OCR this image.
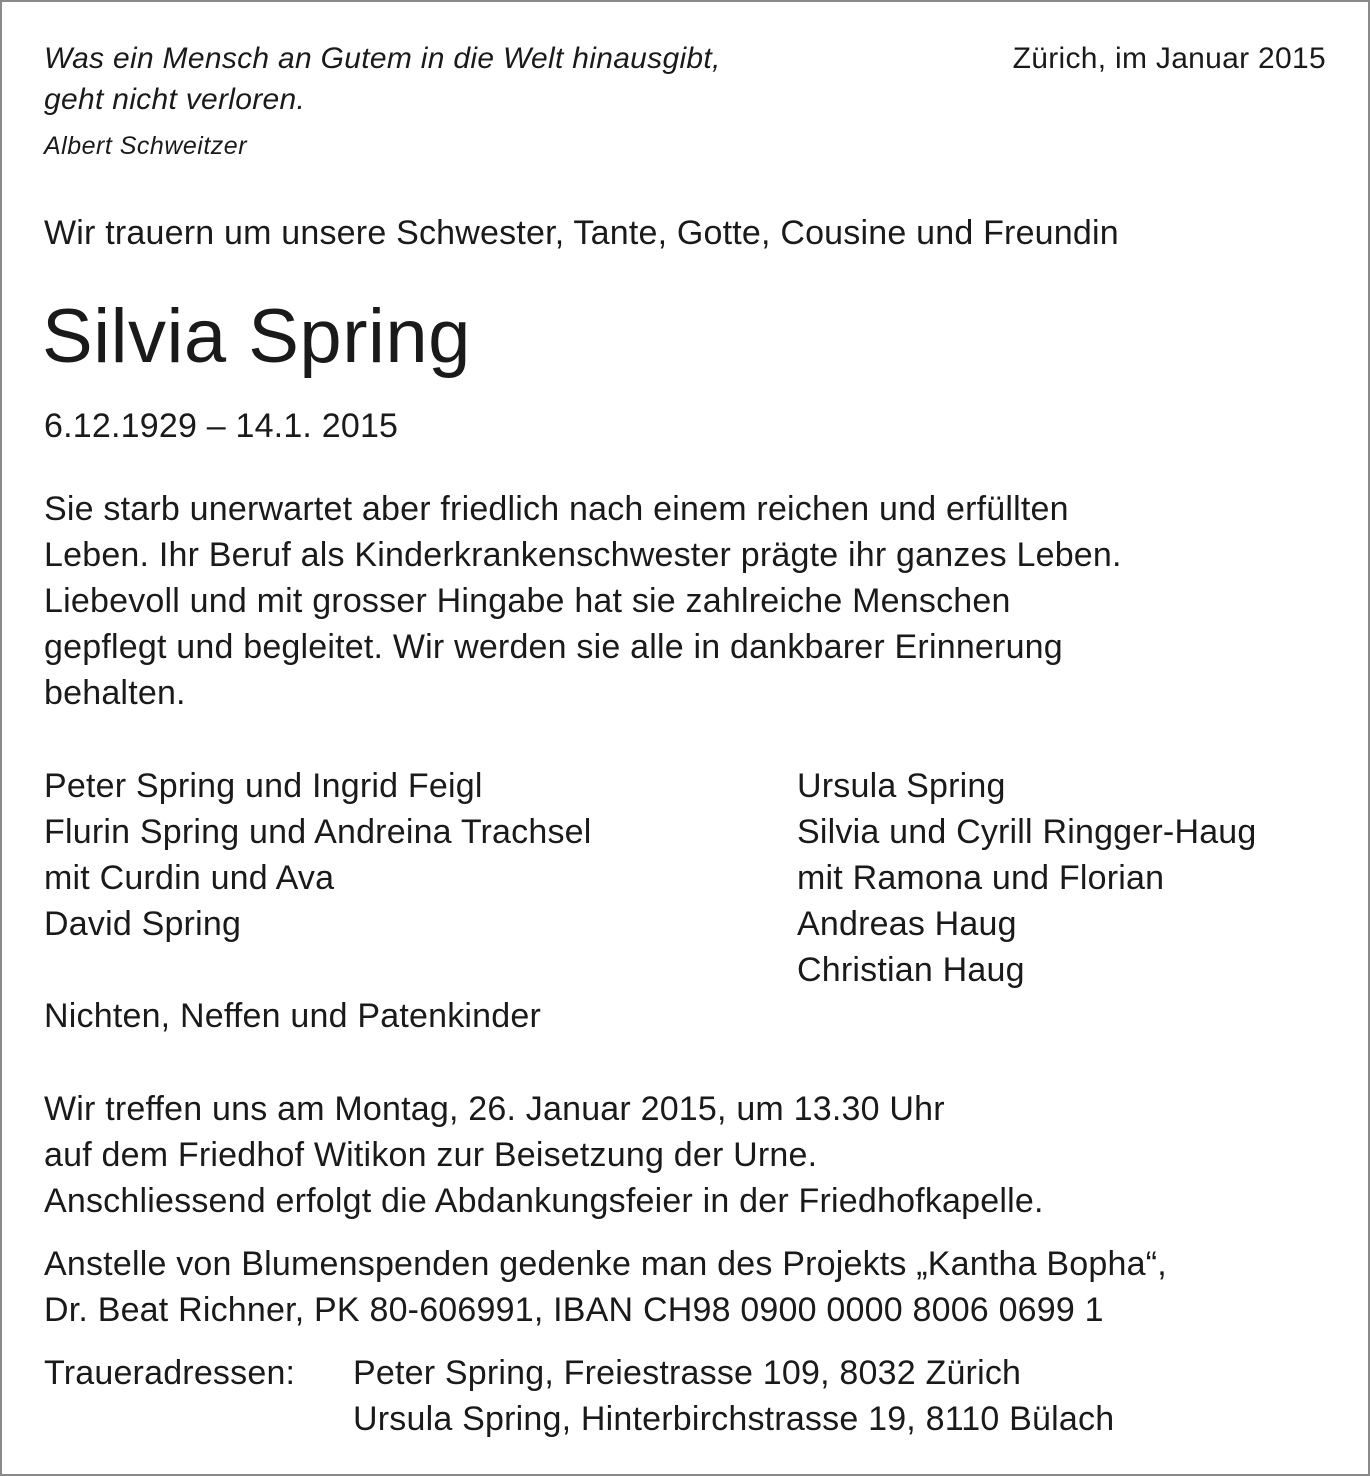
Was ein Mensch an Gutem in die Welt hinausgibt,
geht nicht verloren.
Albert Schweitzer
Zürich, im Januar 2015
Wir trauern um unsere Schwester, Tante, Gotte, Cousine und Freundin
Silvia Spring
6.12.1929 – 14.1. 2015
Sie starb unerwartet aber friedlich nach einem reichen und erfüllten
Leben. Ihr Beruf als Kinderkrankenschwester prägte ihr ganzes Leben.
Liebevoll und mit grosser Hingabe hat sie zahlreiche Menschen
gepflegt und begleitet. Wir werden sie alle in dankbarer Erinnerung
behalten.
Peter Spring und Ingrid Feigl
Flurin Spring und Andreina Trachsel
mit Curdin und Ava
David Spring
Ursula Spring
Silvia und Cyrill Ringger-Haug
mit Ramona und Florian
Andreas Haug
Christian Haug
Nichten, Neffen und Patenkinder
Wir treffen uns am Montag, 26. Januar 2015, um 13.30 Uhr
auf dem Friedhof Witikon zur Beisetzung der Urne.
Anschliessend erfolgt die Abdankungsfeier in der Friedhofkapelle.
Anstelle von Blumenspenden gedenke man des Projekts „Kantha Bopha“,
Dr. Beat Richner, PK 80-606991, IBAN CH98 0900 0000 8006 0699 1
Traueradressen: Peter Spring, Freiestrasse 109, 8032 Zürich
Ursula Spring, Hinterbirchstrasse 19, 8110 Bülach
